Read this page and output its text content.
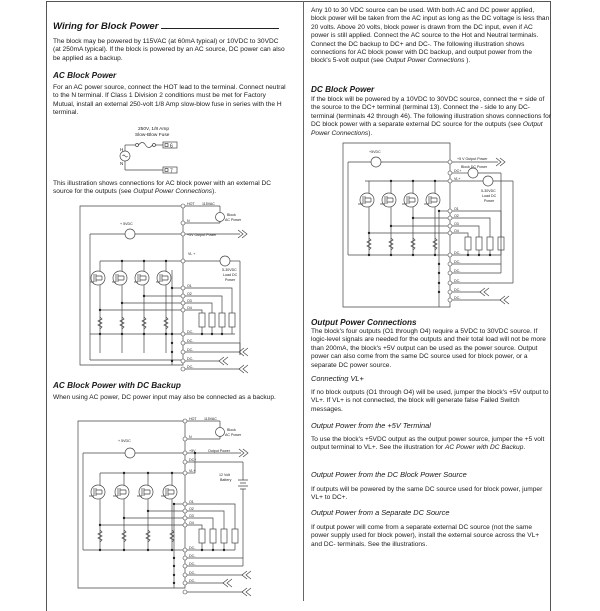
Wiring for Block Power

The block may be powered by 115VAC (at 60mA typical) or 10VDC to 30VDC (at 250mA typical). If the block is powered by an AC source, DC power can also be applied as a backup.

AC Block Power

For an AC power source, connect the HOT lead to the terminal. Connect neutral to the N terminal. If Class 1 Division 2 conditions must be met for Factory Mutual, install an external 250-volt 1/8 Amp slow-blow fuse in series with the H terminal.

250V, 1/8 Amp
Slow-Blow Fuse
H
N
6
7

This illustration shows connections for AC block power with an external DC source for the outputs (see Output Power Connections).

HOT 115VAC
Block
AC Power
N
+ 5VDC
+5V Output Power
VL +
5-30VDC
Load DC
Power
O1
O2
O3
O4
DC-
DC-
DC-
DC-
DC-
AC Block Power with DC Backup

When using AC power, DC power input may also be connected as a backup.

HOT 115VAC
Block
AC Power
N
+ 5VDC
+5V	Output Power
DC+
VL+
12 Volt
Battery
O1
O2
O3
O4
DC-
DC-
DC-
DC-
DC-

Any 10 to 30 VDC source can be used. With both AC and DC power applied, block power will be taken from the AC input as long as the DC voltage is less than 20 volts. Above 20 volts, block power is drawn from the DC input, even if AC power is still applied. Connect the AC source to the Hot and Neutral terminals. Connect the DC backup to DC+ and DC-. The following illustration shows connections for AC block power with DC backup, and output power from the block's 5-volt output (see Output Power Connections ).

DC Block Power

If the block will be powered by a 10VDC to 30VDC source, connect the + side of the source to the DC+ terminal (terminal 13). Connect the - side to any DC- terminal (terminals 42 through 46). The following illustration shows connections for DC block power with a separate external DC source for the outputs (see Output Power Connections).

+5VDC
+5 V Output Power
Block DC Power
DC+
VL+
5-30VDC
Load DC
Power
O1
O2
O3
O4
DC-
DC-
DC-
DC-
DC-
DC-
Output Power Connections

The block's four outputs (O1 through O4) require a 5VDC to 30VDC source. If logic-level signals are needed for the outputs and their total load will not be more than 200mA, the block's +5V output can be used as the power source. Output power can also come from the same DC source used for block power, or a separate DC power source.

Connecting VL+

If no block outputs (O1 through O4) will be used, jumper the block's +5V output to VL+. If VL+ is not connected, the block will generate false Failed Switch messages.

Output Power from the +5V Terminal

To use the block's +5VDC output as the output power source, jumper the +5 volt output terminal to VL+. See the illustration for AC Power with DC Backup.

Output Power from the DC Block Power Source

If outputs will be powered by the same DC source used for block power, jumper VL+ to DC+.

Output Power from a Separate DC Source

If output power will come from a separate external DC source (not the same power supply used for block power), install the external source across the VL+ and DC- terminals. See the illustrations.
